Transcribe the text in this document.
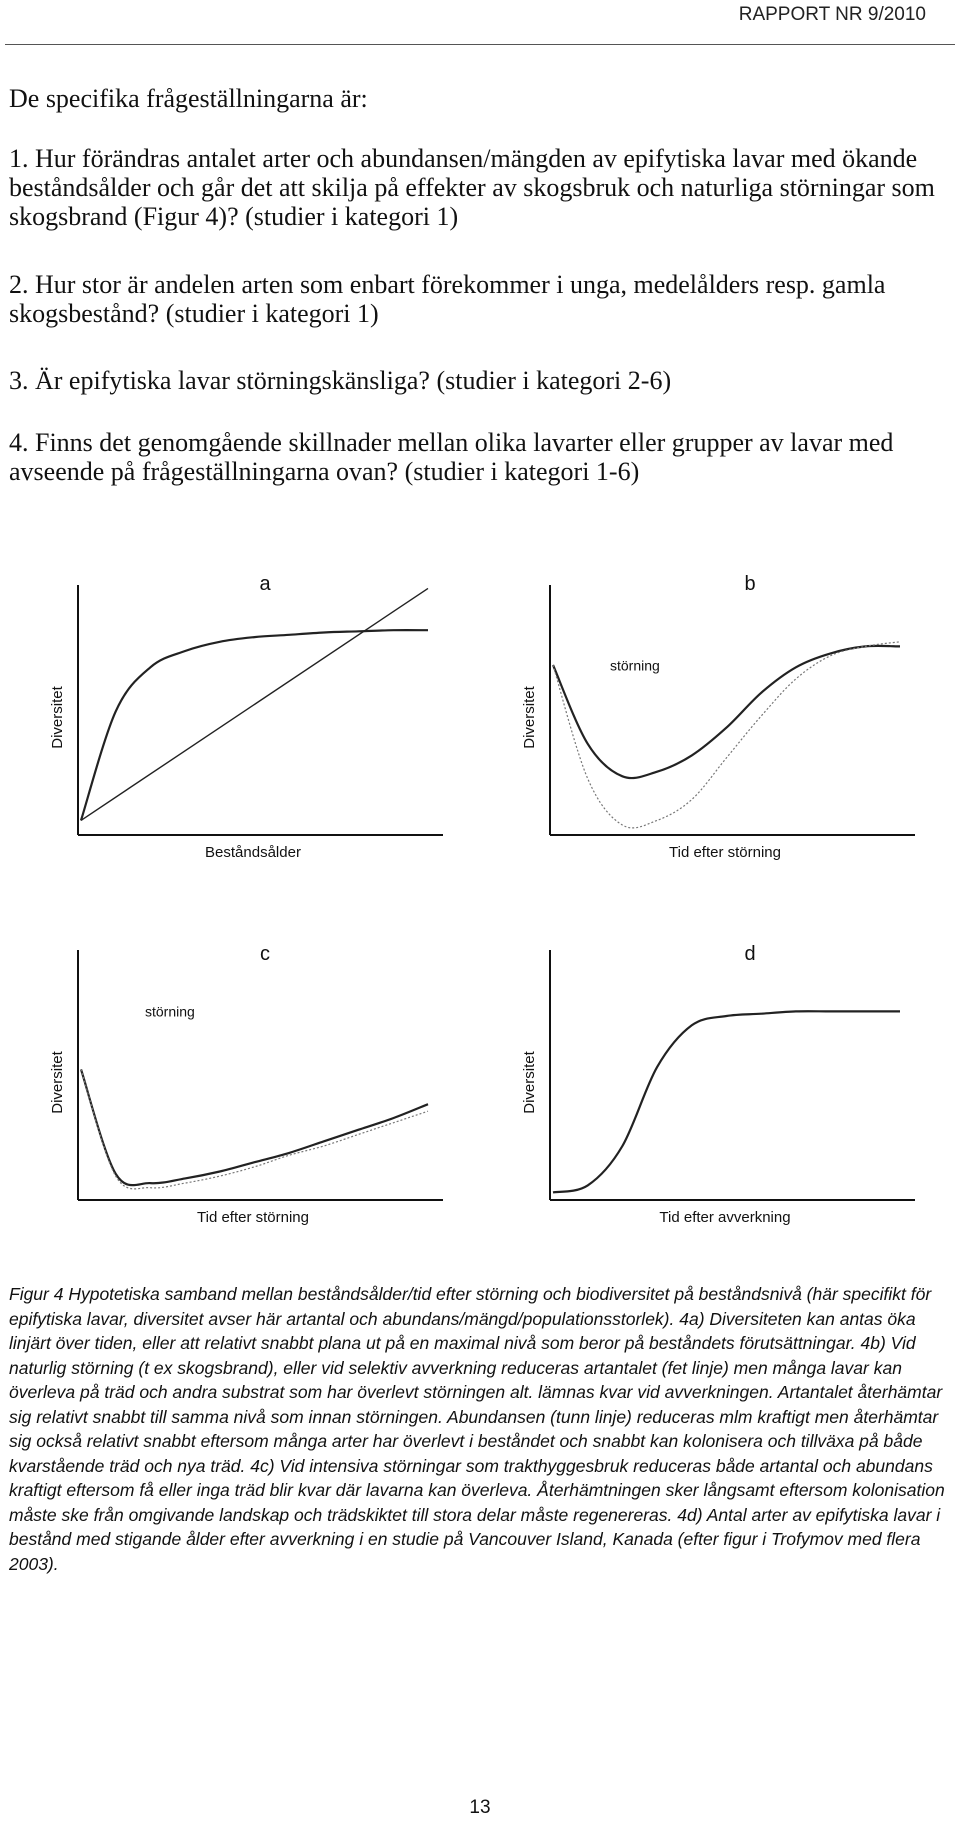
RAPPORT NR 9/2010

De specifika frågeställningarna är:

1. Hur förändras antalet arter och abundansen/mängden av epifytiska lavar med ökande beståndsålder och går det att skilja på effekter av skogsbruk och naturliga störningar som skogsbrand (Figur 4)? (studier i kategori 1)

2. Hur stor är andelen arten som enbart förekommer i unga, medelålders resp. gamla skogsbestånd? (studier i kategori 1)

3. Är epifytiska lavar störningskänsliga? (studier i kategori 2-6)

4. Finns det genomgående skillnader mellan olika lavarter eller grupper av lavar med avseende på frågeställningarna ovan? (studier i kategori 1-6)

a
Beståndsålder
Diversitet
b
Tid efter störning
Diversitet
störning
c
Tid efter störning
Diversitet
störning
d
Tid efter avverkning
Diversitet

Figur 4 Hypotetiska samband mellan beståndsålder/tid efter störning och biodiversitet på beståndsnivå (här specifikt för epifytiska lavar, diversitet avser här artantal och abundans/mängd/populationsstorlek). 4a) Diversiteten kan antas öka linjärt över tiden, eller att relativt snabbt plana ut på en maximal nivå som beror på beståndets förutsättningar. 4b) Vid naturlig störning (t ex skogsbrand), eller vid selektiv avverkning reduceras artantalet (fet linje) men många lavar kan överleva på träd och andra substrat som har överlevt störningen alt. lämnas kvar vid avverkningen. Artantalet återhämtar sig relativt snabbt till samma nivå som innan störningen. Abundansen (tunn linje) reduceras mlm kraftigt men återhämtar sig också relativt snabbt eftersom många arter har överlevt i beståndet och snabbt kan kolonisera och tillväxa på både kvarstående träd och nya träd. 4c) Vid intensiva störningar som trakthyggesbruk reduceras både artantal och abundans kraftigt eftersom få eller inga träd blir kvar där lavarna kan överleva. Återhämtningen sker långsamt eftersom kolonisation måste ske från omgivande landskap och trädskiktet till stora delar måste regenereras. 4d) Antal arter av epifytiska lavar i bestånd med stigande ålder efter avverkning i en studie på Vancouver Island, Kanada (efter figur i Trofymov med flera 2003).

13
